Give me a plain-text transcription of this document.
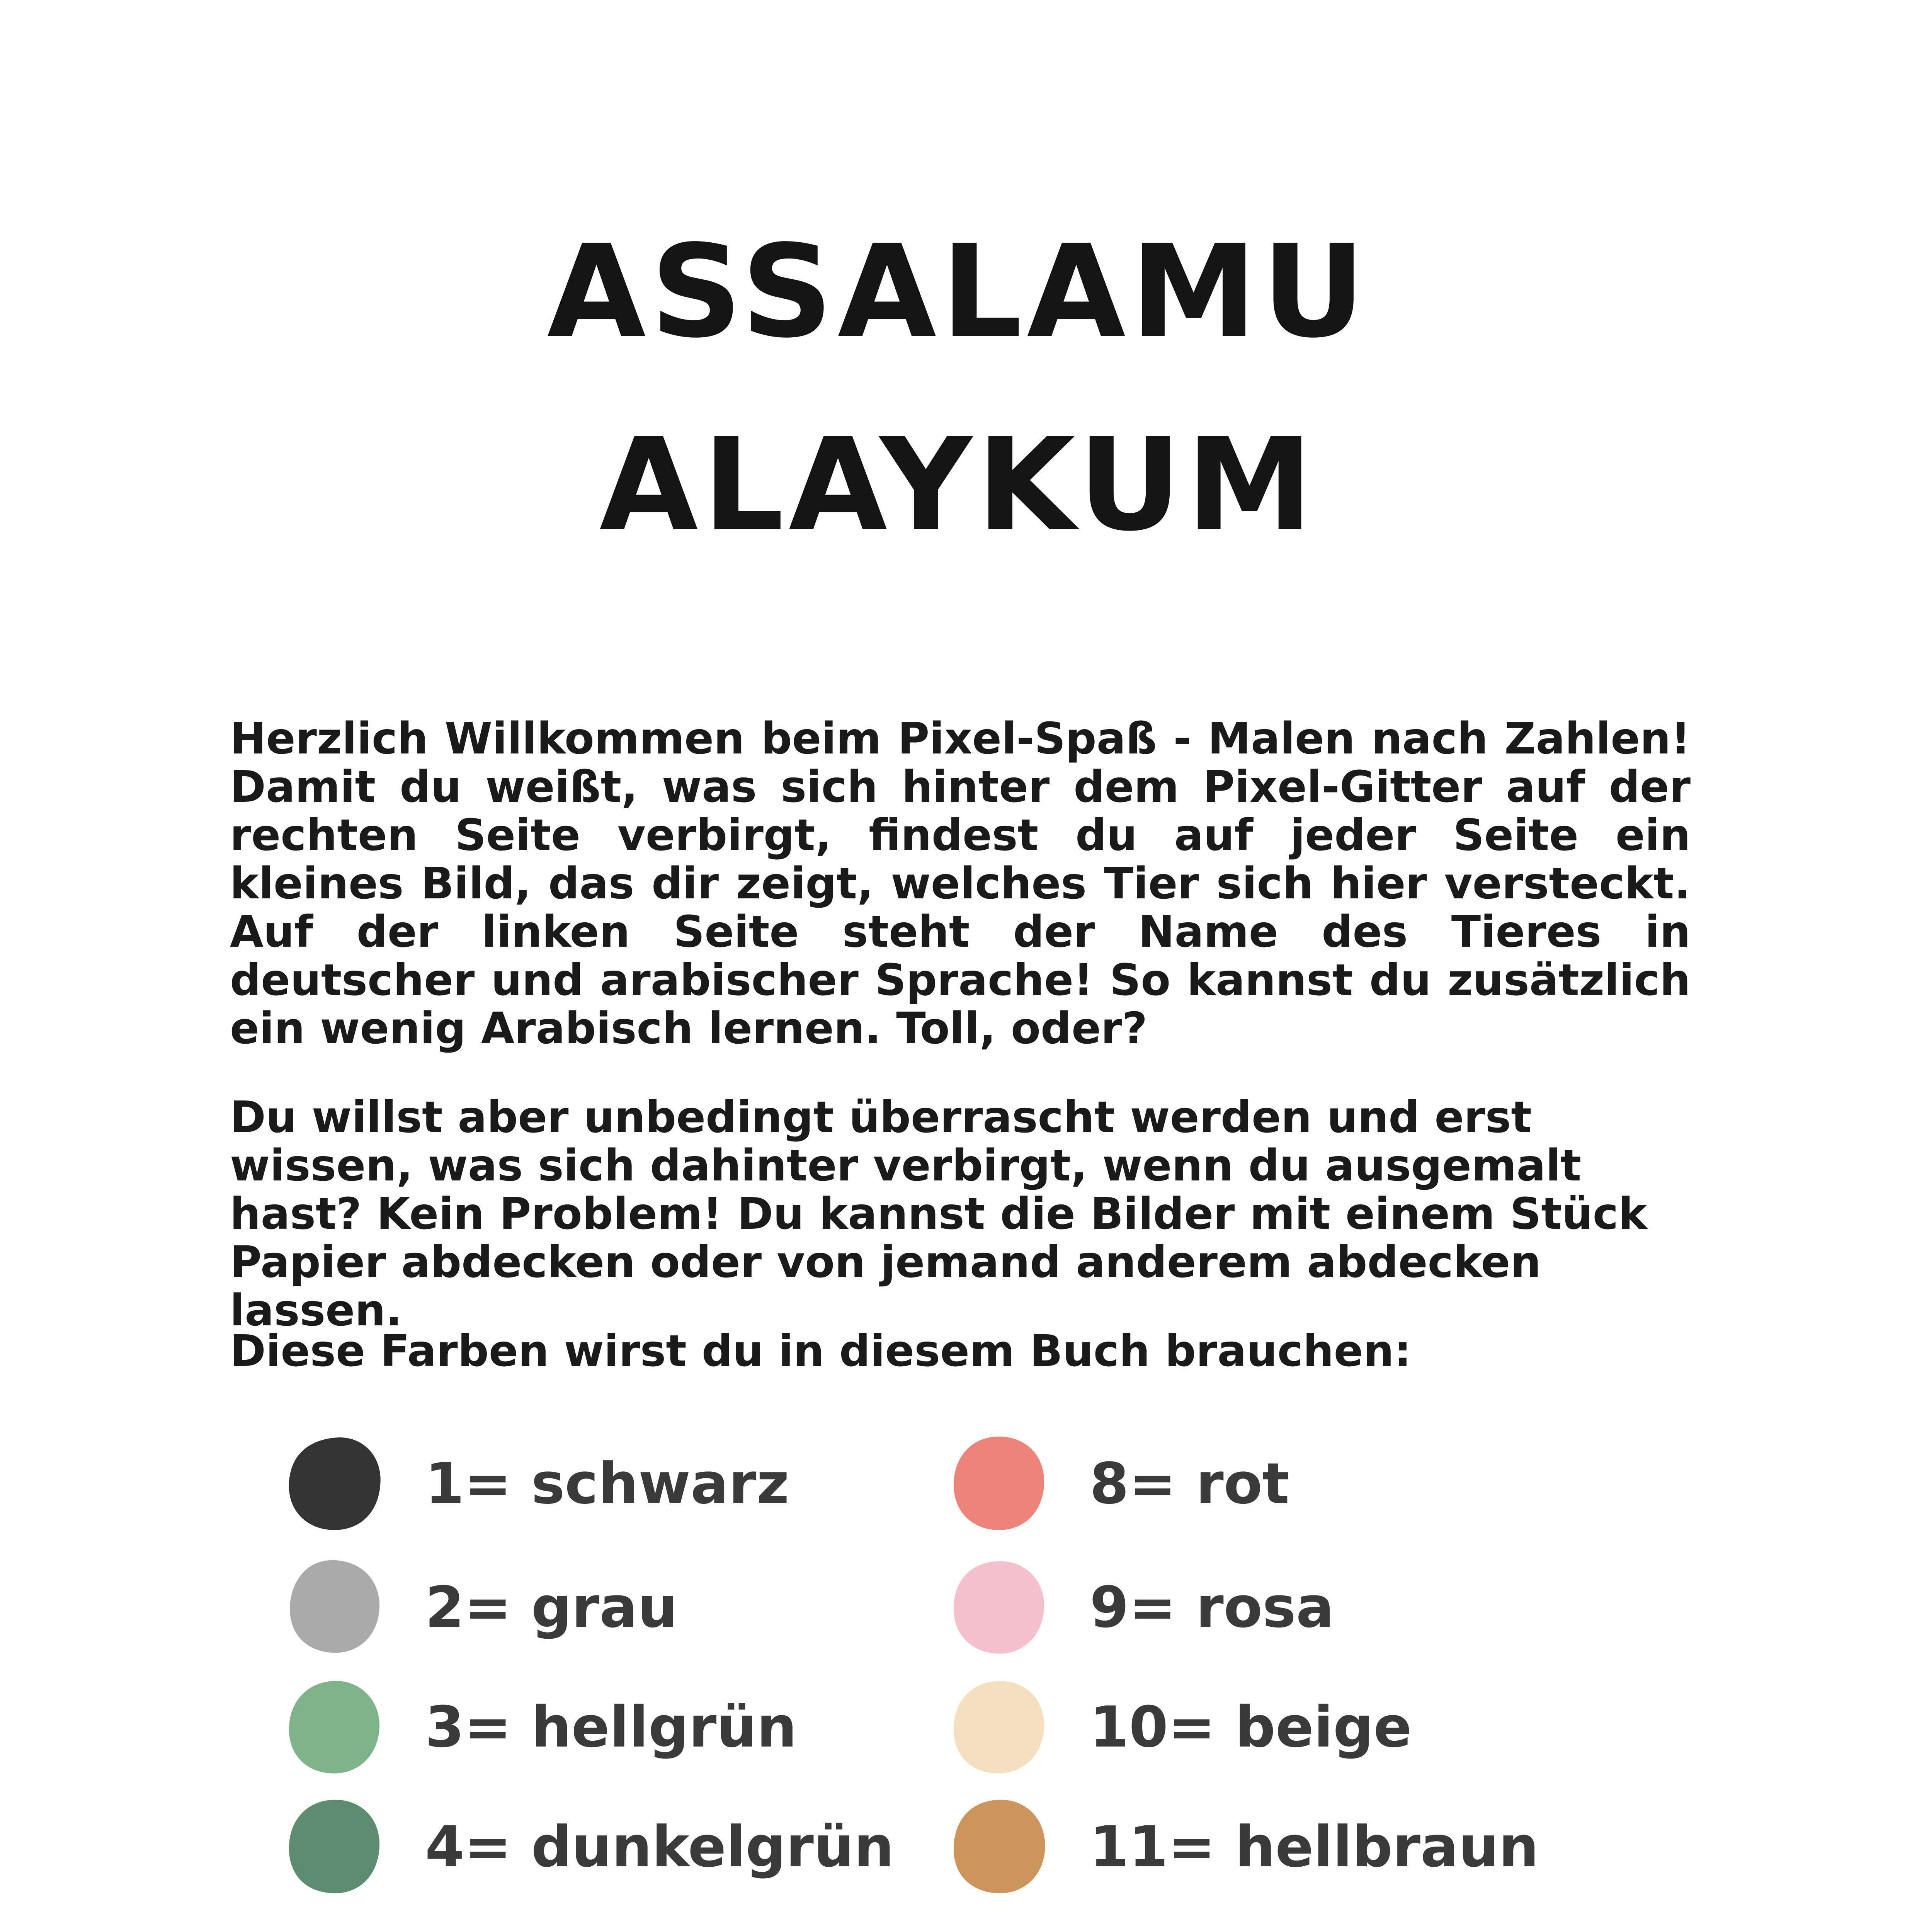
ASSALAMU
ALAYKUM

Herzlich Willkommen beim Pixel-Spaß - Malen nach Zahlen! Damit du weißt, was sich hinter dem Pixel-Gitter auf der rechten Seite verbirgt, findest du auf jeder Seite ein kleines Bild, das dir zeigt, welches Tier sich hier versteckt. Auf der linken Seite steht der Name des Tieres in deutscher und arabischer Sprache! So kannst du zusätzlich ein wenig Arabisch lernen. Toll, oder?

Du willst aber unbedingt überrascht werden und erst wissen, was sich dahinter verbirgt, wenn du ausgemalt hast? Kein Problem! Du kannst die Bilder mit einem Stück Papier abdecken oder von jemand anderem abdecken lassen.

Diese Farben wirst du in diesem Buch brauchen:

1= schwarz
2= grau
3= hellgrün
4= dunkelgrün
8= rot
9= rosa
10= beige
11= hellbraun
